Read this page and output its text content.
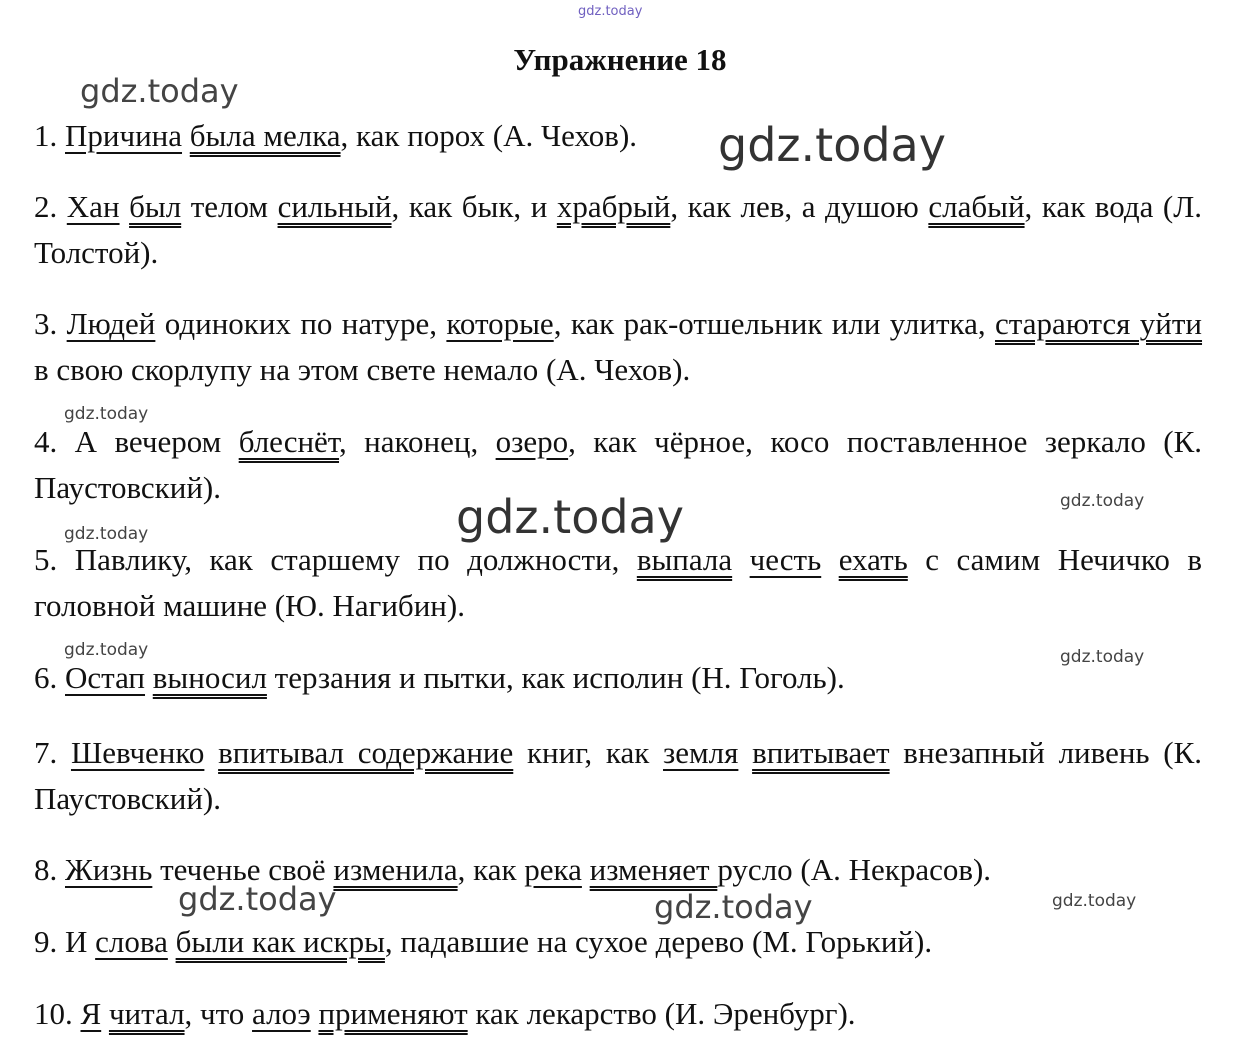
gdz.today
Упражнение 18
gdz.today
1. Причина была мелка, как порох (А. Чехов).	gdz.today
2. Хан был телом сильный, как бык, и храбрый, как лев, а душою слабый, как вода (Л. Толстой).
3. Людей одиноких по натуре, которые, как рак-отшельник или улитка, стараются уйти в свою скорлупу на этом свете немало (А. Чехов).
gdz.today
4. А вечером блеснёт, наконец, озеро, как чёрное, косо поставленное зеркало (К. Паустовский).	gdz.today
gdz.today
gdz.today
5. Павлику, как старшему по должности, выпала честь ехать с самим Нечичко в головной машине (Ю. Нагибин).
gdz.today	gdz.today
6. Остап выносил терзания и пытки, как исполин (Н. Гоголь).
7. Шевченко впитывал содержание книг, как земля впитывает внезапный ливень (К. Паустовский).
8. Жизнь теченье своё изменила, как река изменяет русло (А. Некрасов).
gdz.today	gdz.today	gdz.today
9. И слова были как искры, падавшие на сухое дерево (М. Горький).
10. Я читал, что алоэ применяют как лекарство (И. Эренбург).
